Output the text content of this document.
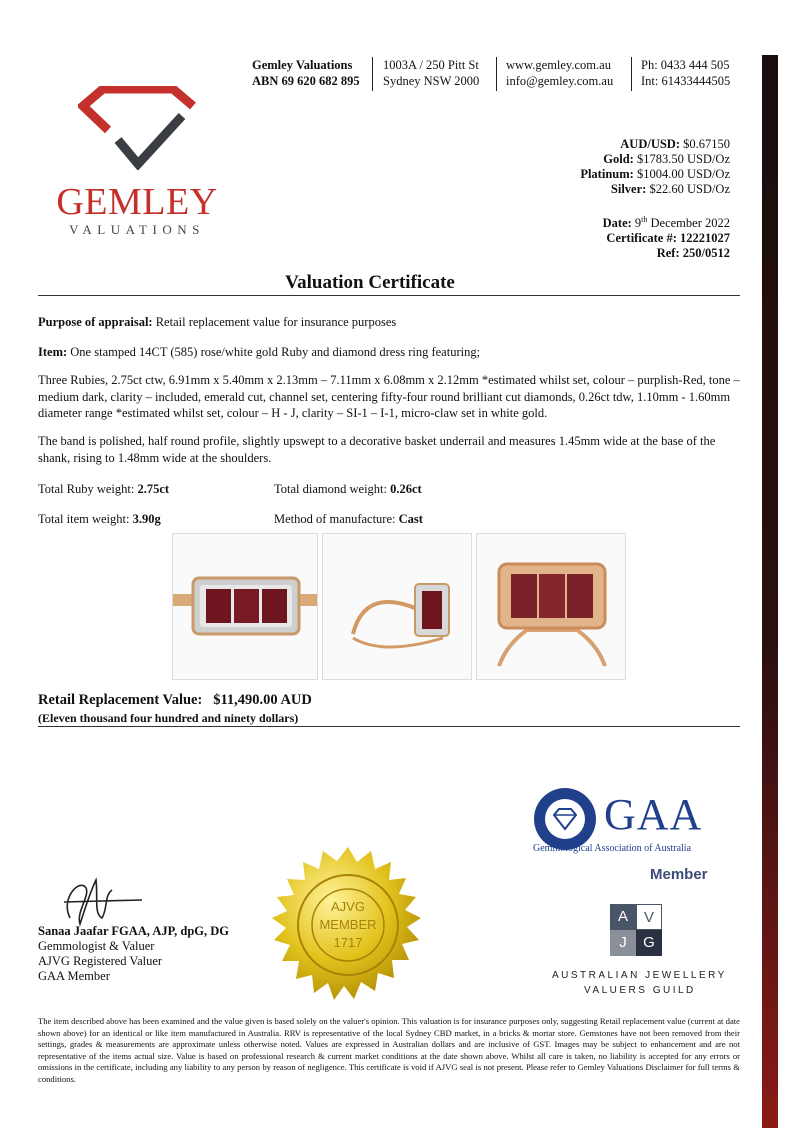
Gemley Valuations
ABN 69 620 682 895
1003A / 250 Pitt St
Sydney NSW 2000
www.gemley.com.au
info@gemley.com.au
Ph: 0433 444 505
Int: 61433444505
GEMLEY
VALUATIONS
AUD/USD: $0.67150
Gold: $1783.50 USD/Oz
Platinum: $1004.00 USD/Oz
Silver: $22.60 USD/Oz
Date: 9th December 2022
Certificate #: 12221027
Ref: 250/0512
Valuation Certificate
Purpose of appraisal: Retail replacement value for insurance purposes
Item: One stamped 14CT (585) rose/white gold Ruby and diamond dress ring featuring;
Three Rubies, 2.75ct ctw, 6.91mm x 5.40mm x 2.13mm – 7.11mm x 6.08mm x 2.12mm *estimated whilst set, colour – purplish-Red, tone – medium dark, clarity – included, emerald cut, channel set, centering fifty-four round brilliant cut diamonds, 0.26ct tdw, 1.10mm - 1.60mm diameter range *estimated whilst set, colour – H - J, clarity – SI-1 – I-1, micro-claw set in white gold.
The band is polished, half round profile, slightly upswept to a decorative basket underrail and measures 1.45mm wide at the base of the shank, rising to 1.48mm wide at the shoulders.
Total Ruby weight: 2.75ct	Total diamond weight: 0.26ct
Total item weight: 3.90g	Method of manufacture: Cast
Retail Replacement Value: $11,490.00 AUD
(Eleven thousand four hundred and ninety dollars)
GAA
Gemmological Association of Australia
Member
AJVG
MEMBER
1717
A	V
J	G
AUSTRALIAN JEWELLERY
VALUERS GUILD
Sanaa Jaafar FGAA, AJP, dpG, DG
Gemmologist & Valuer
AJVG Registered Valuer
GAA Member
The item described above has been examined and the value given is based solely on the valuer's opinion. This valuation is for insurance purposes only, suggesting Retail replacement value (current at date shown above) for an identical or like item manufactured in Australia. RRV is representative of the local Sydney CBD market, in a bricks & mortar store. Gemstones have not been removed from their settings, grades & measurements are approximate unless otherwise noted. Values are expressed in Australian dollars and are inclusive of GST. Images may be subject to enhancement and are not representative of the items actual size. Value is based on professional research & current market conditions at the date shown above. Whilst all care is taken, no liability is accepted for any errors or omissions in the certificate, including any liability to any person by reason of negligence. This certificate is void if AJVG seal is not present. Please refer to Gemley Valuations Disclaimer for full terms & conditions.
